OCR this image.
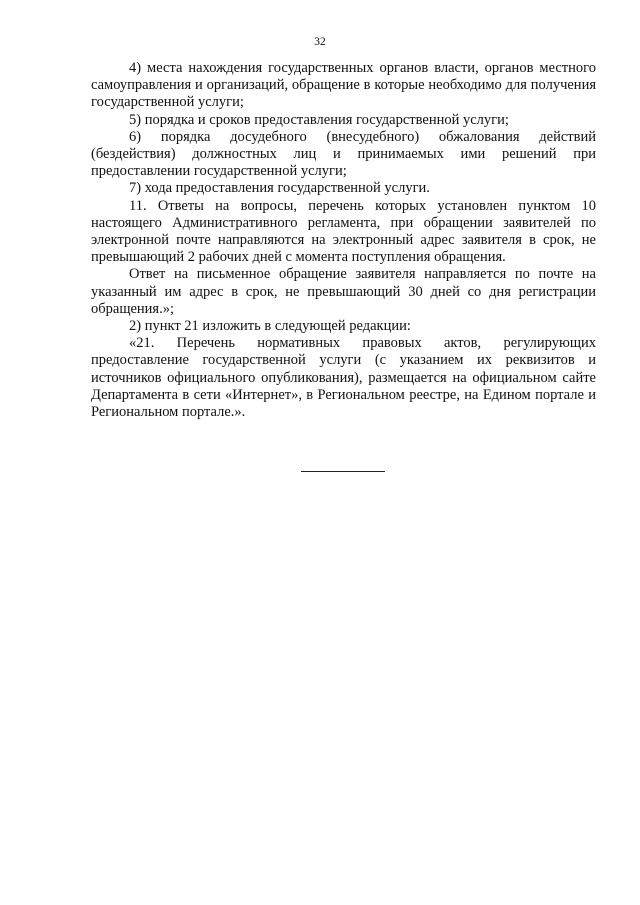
32

4) места нахождения государственных органов власти, органов местного самоуправления и организаций, обращение в которые необходимо для получения государственной услуги;

5) порядка и сроков предоставления государственной услуги;

6) порядка досудебного (внесудебного) обжалования действий (бездействия) должностных лиц и принимаемых ими решений при предоставлении государственной услуги;

7) хода предоставления государственной услуги.

11. Ответы на вопросы, перечень которых установлен пунктом 10 настоящего Административного регламента, при обращении заявителей по электронной почте направляются на электронный адрес заявителя в срок, не превышающий 2 рабочих дней с момента поступления обращения.

Ответ на письменное обращение заявителя направляется по почте на указанный им адрес в срок, не превышающий 30 дней со дня регистрации обращения.»;

2) пункт 21 изложить в следующей редакции:

«21. Перечень нормативных правовых актов, регулирующих предоставление государственной услуги (с указанием их реквизитов и источников официального опубликования), размещается на официальном сайте Департамента в сети «Интернет», в Региональном реестре, на Едином портале и Региональном портале.».
